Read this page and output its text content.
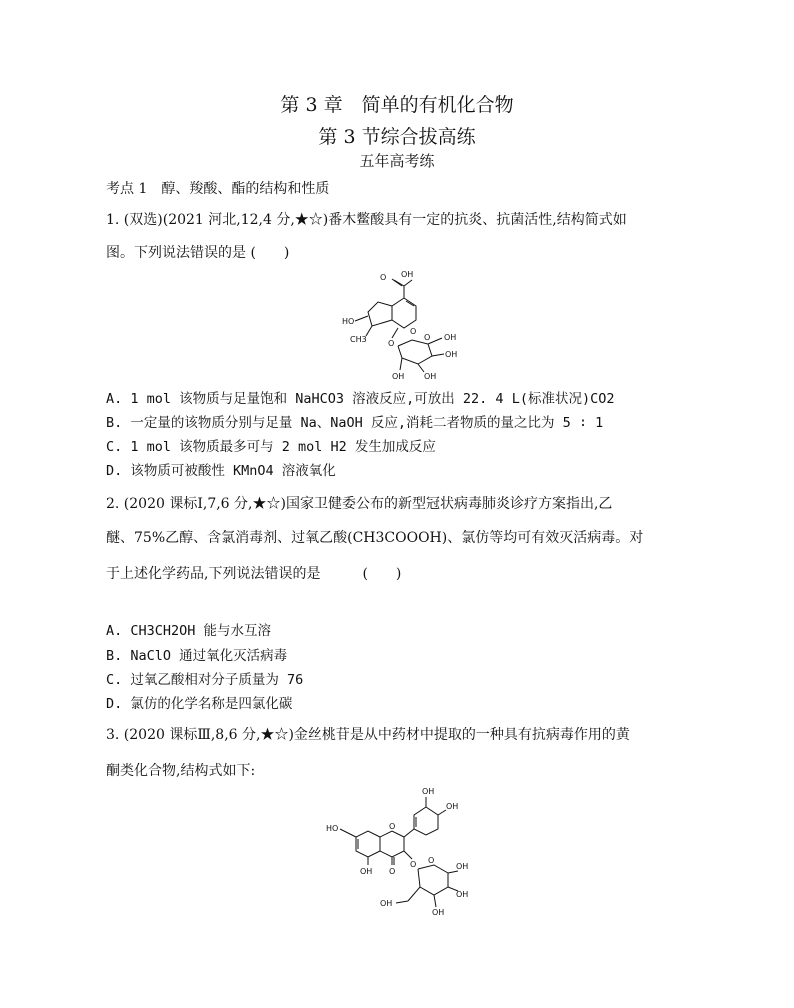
第 3 章　简单的有机化合物
第 3 节综合拔高练
五年高考练
考点 1　醇、羧酸、酯的结构和性质
1. (双选)(2021 河北,12,4 分,★☆)番木鳖酸具有一定的抗炎、抗菌活性,结构简式如
图。下列说法错误的是 (　　)
O OH
O
HO
CH3	O
O
OH
OH
OH
OH
A. 1 mol 该物质与足量饱和 NaHCO3 溶液反应,可放出 22. 4 L(标准状况)CO2
B. 一定量的该物质分别与足量 Na、NaOH 反应,消耗二者物质的量之比为 5 ∶ 1
C. 1 mol 该物质最多可与 2 mol H2 发生加成反应
D. 该物质可被酸性 KMnO4 溶液氧化
2. (2020 课标Ⅰ,7,6 分,★☆)国家卫健委公布的新型冠状病毒肺炎诊疗方案指出,乙
醚、75%乙醇、含氯消毒剂、过氧乙酸(CH3COOOH)、氯仿等均可有效灭活病毒。对
于上述化学药品,下列说法错误的是　　　(　　)
A. CH3CH2OH 能与水互溶
B. NaClO 通过氧化灭活病毒
C. 过氧乙酸相对分子质量为 76
D. 氯仿的化学名称是四氯化碳
3. (2020 课标Ⅲ,8,6 分,★☆)金丝桃苷是从中药材中提取的一种具有抗病毒作用的黄
酮类化合物,结构式如下:
OH
OH
O
HO
O
OH
O O
OH
OH
OH
OH
